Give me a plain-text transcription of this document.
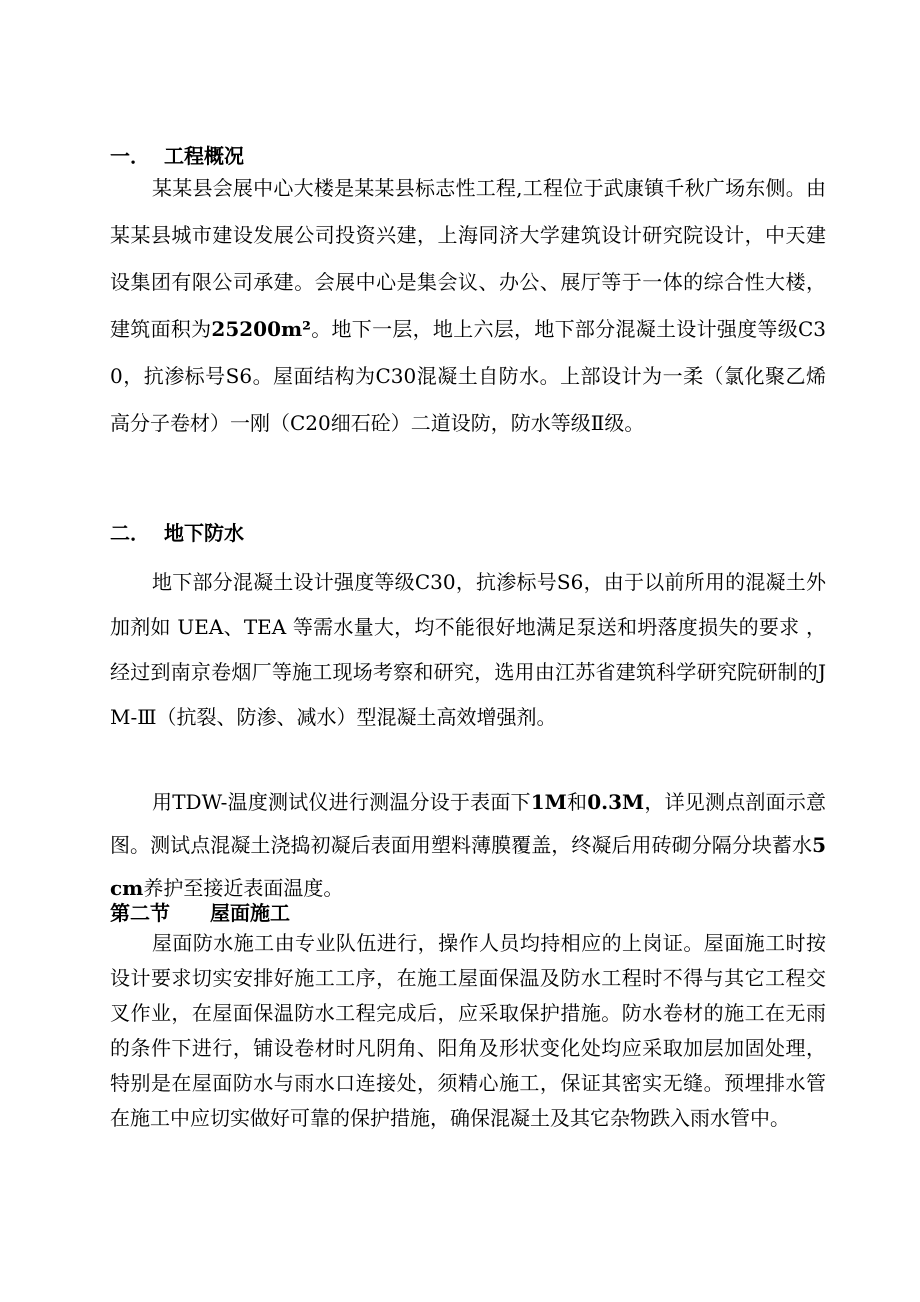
一． 工程概况
某某县会展中心大楼是某某县标志性工程,工程位于武康镇千秋广场东侧。由某某县城市建设发展公司投资兴建，上海同济大学建筑设计研究院设计，中天建设集团有限公司承建。会展中心是集会议、办公、展厅等于一体的综合性大楼，建筑面积为25200m²。地下一层，地上六层，地下部分混凝土设计强度等级C30，抗渗标号S6。屋面结构为C30混凝土自防水。上部设计为一柔（氯化聚乙烯高分子卷材）一刚（C20细石砼）二道设防，防水等级Ⅱ级。
二． 地下防水
地下部分混凝土设计强度等级C30，抗渗标号S6，由于以前所用的混凝土外加剂如 UEA、TEA 等需水量大，均不能很好地满足泵送和坍落度损失的要求 ，经过到南京卷烟厂等施工现场考察和研究，选用由江苏省建筑科学研究院研制的JM-Ⅲ（抗裂、防渗、减水）型混凝土高效增强剂。
用TDW-温度测试仪进行测温分设于表面下1M和0.3M，详见测点剖面示意图。测试点混凝土浇捣初凝后表面用塑料薄膜覆盖，终凝后用砖砌分隔分块蓄水5cm养护至接近表面温度。
第二节 屋面施工
屋面防水施工由专业队伍进行，操作人员均持相应的上岗证。屋面施工时按设计要求切实安排好施工工序，在施工屋面保温及防水工程时不得与其它工程交叉作业，在屋面保温防水工程完成后，应采取保护措施。防水卷材的施工在无雨的条件下进行，铺设卷材时凡阴角、阳角及形状变化处均应采取加层加固处理，特别是在屋面防水与雨水口连接处，须精心施工，保证其密实无缝。预埋排水管在施工中应切实做好可靠的保护措施，确保混凝土及其它杂物跌入雨水管中。
